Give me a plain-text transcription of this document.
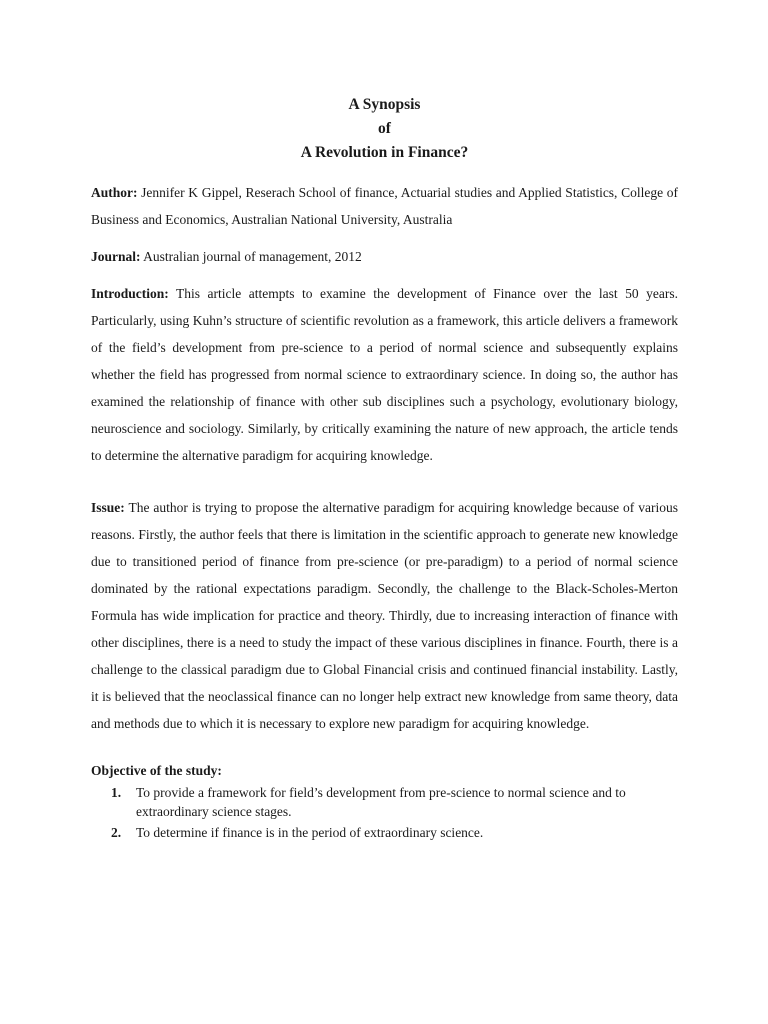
A Synopsis
of
A Revolution in Finance?

Author: Jennifer K Gippel, Reserach School of finance, Actuarial studies and Applied Statistics, College of Business and Economics, Australian National University, Australia

Journal: Australian journal of management, 2012

Introduction: This article attempts to examine the development of Finance over the last 50 years. Particularly, using Kuhn’s structure of scientific revolution as a framework, this article delivers a framework of the field’s development from pre-science to a period of normal science and subsequently explains whether the field has progressed from normal science to extraordinary science. In doing so, the author has examined the relationship of finance with other sub disciplines such a psychology, evolutionary biology, neuroscience and sociology. Similarly, by critically examining the nature of new approach, the article tends to determine the alternative paradigm for acquiring knowledge.

Issue: The author is trying to propose the alternative paradigm for acquiring knowledge because of various reasons. Firstly, the author feels that there is limitation in the scientific approach to generate new knowledge due to transitioned period of finance from pre-science (or pre-paradigm) to a period of normal science dominated by the rational expectations paradigm. Secondly, the challenge to the Black-Scholes-Merton Formula has wide implication for practice and theory. Thirdly, due to increasing interaction of finance with other disciplines, there is a need to study the impact of these various disciplines in finance. Fourth, there is a challenge to the classical paradigm due to Global Financial crisis and continued financial instability. Lastly, it is believed that the neoclassical finance can no longer help extract new knowledge from same theory, data and methods due to which it is necessary to explore new paradigm for acquiring knowledge.

Objective of the study:
1. To provide a framework for field’s development from pre-science to normal science and to extraordinary science stages.
2. To determine if finance is in the period of extraordinary science.
